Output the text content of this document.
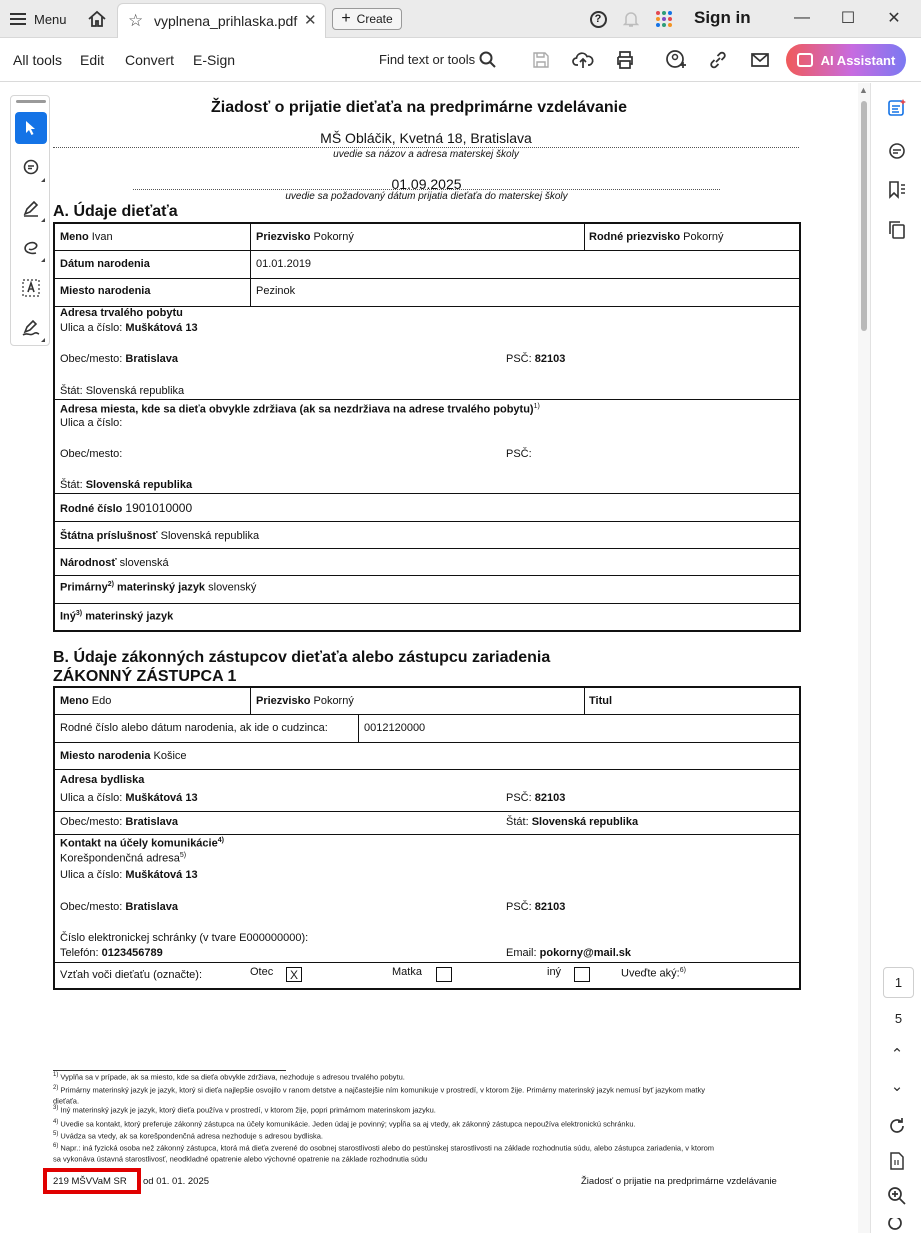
Menu	☆ vyplnena_prihlaska.pdf ✕ + Create	?	Sign in	—	☐	✕
All tools Edit Convert E-Sign	Find text or tools	AI Assistant
Žiadosť o prijatie dieťaťa na predprimárne vzdelávanie
MŠ Obláčik, Kvetná 18, Bratislava
uvedie sa názov a adresa materskej školy
01.09.2025
uvedie sa požadovaný dátum prijatia dieťaťa do materskej školy
A. Údaje dieťaťa
Meno Ivan	Priezvisko Pokorný	Rodné priezvisko Pokorný
Dátum narodenia	01.01.2019
Miesto narodenia	Pezinok
Adresa trvalého pobytu
Ulica a číslo: Muškátová 13
Obec/mesto: Bratislava	PSČ: 82103
Štát: Slovenská republika
Adresa miesta, kde sa dieťa obvykle zdržiava (ak sa nezdržiava na adrese trvalého pobytu)$^{1)}$
Ulica a číslo:
Obec/mesto:	PSČ:
Štát: Slovenská republika
Rodné číslo 1901010000
Štátna príslušnosť Slovenská republika
Národnosť slovenská
Primárny$^{2)}$ materinský jazyk slovenský
Iný$^{3)}$ materinský jazyk
B. Údaje zákonných zástupcov dieťaťa alebo zástupcu zariadenia
ZÁKONNÝ ZÁSTUPCA 1
Meno Edo	Priezvisko Pokorný	Titul
Rodné číslo alebo dátum narodenia, ak ide o cudzinca:	0012120000
Miesto narodenia Košice
Adresa bydliska
Ulica a číslo: Muškátová 13	PSČ: 82103
Obec/mesto: Bratislava	Štát: Slovenská republika
Kontakt na účely komunikácie$^{4)}$
Korešpondenčná adresa$^{5)}$
Ulica a číslo: Muškátová 13
Obec/mesto: Bratislava	PSČ: 82103
Číslo elektronickej schránky (v tvare E000000000):
Telefón: 0123456789	Email: pokorny@mail.sk
Vzťah voči dieťaťu (označte):	Otec	X	Matka	iný	Uveďte aký:$^{6)}$
$^{1)}$ Vyplňa sa v prípade, ak sa miesto, kde sa dieťa obvykle zdržiava, nezhoduje s adresou trvalého pobytu.
$^{2)}$ Primárny materinský jazyk je jazyk, ktorý si dieťa najlepšie osvojilo v ranom detstve a najčastejšie ním komunikuje v prostredí, v ktorom žije. Primárny materinský jazyk nemusí byť jazykom matky
dieťaťa.
$^{3)}$ Iný materinský jazyk je jazyk, ktorý dieťa používa v prostredí, v ktorom žije, popri primárnom materinskom jazyku.
$^{4)}$ Uvedie sa kontakt, ktorý preferuje zákonný zástupca na účely komunikácie. Jeden údaj je povinný; vypĺňa sa aj vtedy, ak zákonný zástupca nepoužíva elektronickú schránku.
$^{5)}$ Uvádza sa vtedy, ak sa korešpondenčná adresa nezhoduje s adresou bydliska.
$^{6)}$ Napr.: iná fyzická osoba než zákonný zástupca, ktorá má dieťa zverené do osobnej starostlivosti alebo do pestúnskej starostlivosti na základe rozhodnutia súdu, alebo zástupca zariadenia, v ktorom
sa vykonáva ústavná starostlivosť, neodkladné opatrenie alebo výchovné opatrenie na základe rozhodnutia súdu
219 MŠVVaM SR od 01. 01. 2025	Žiadosť o prijatie na predprimárne vzdelávanie
▲
1
5
⌃
⌄
